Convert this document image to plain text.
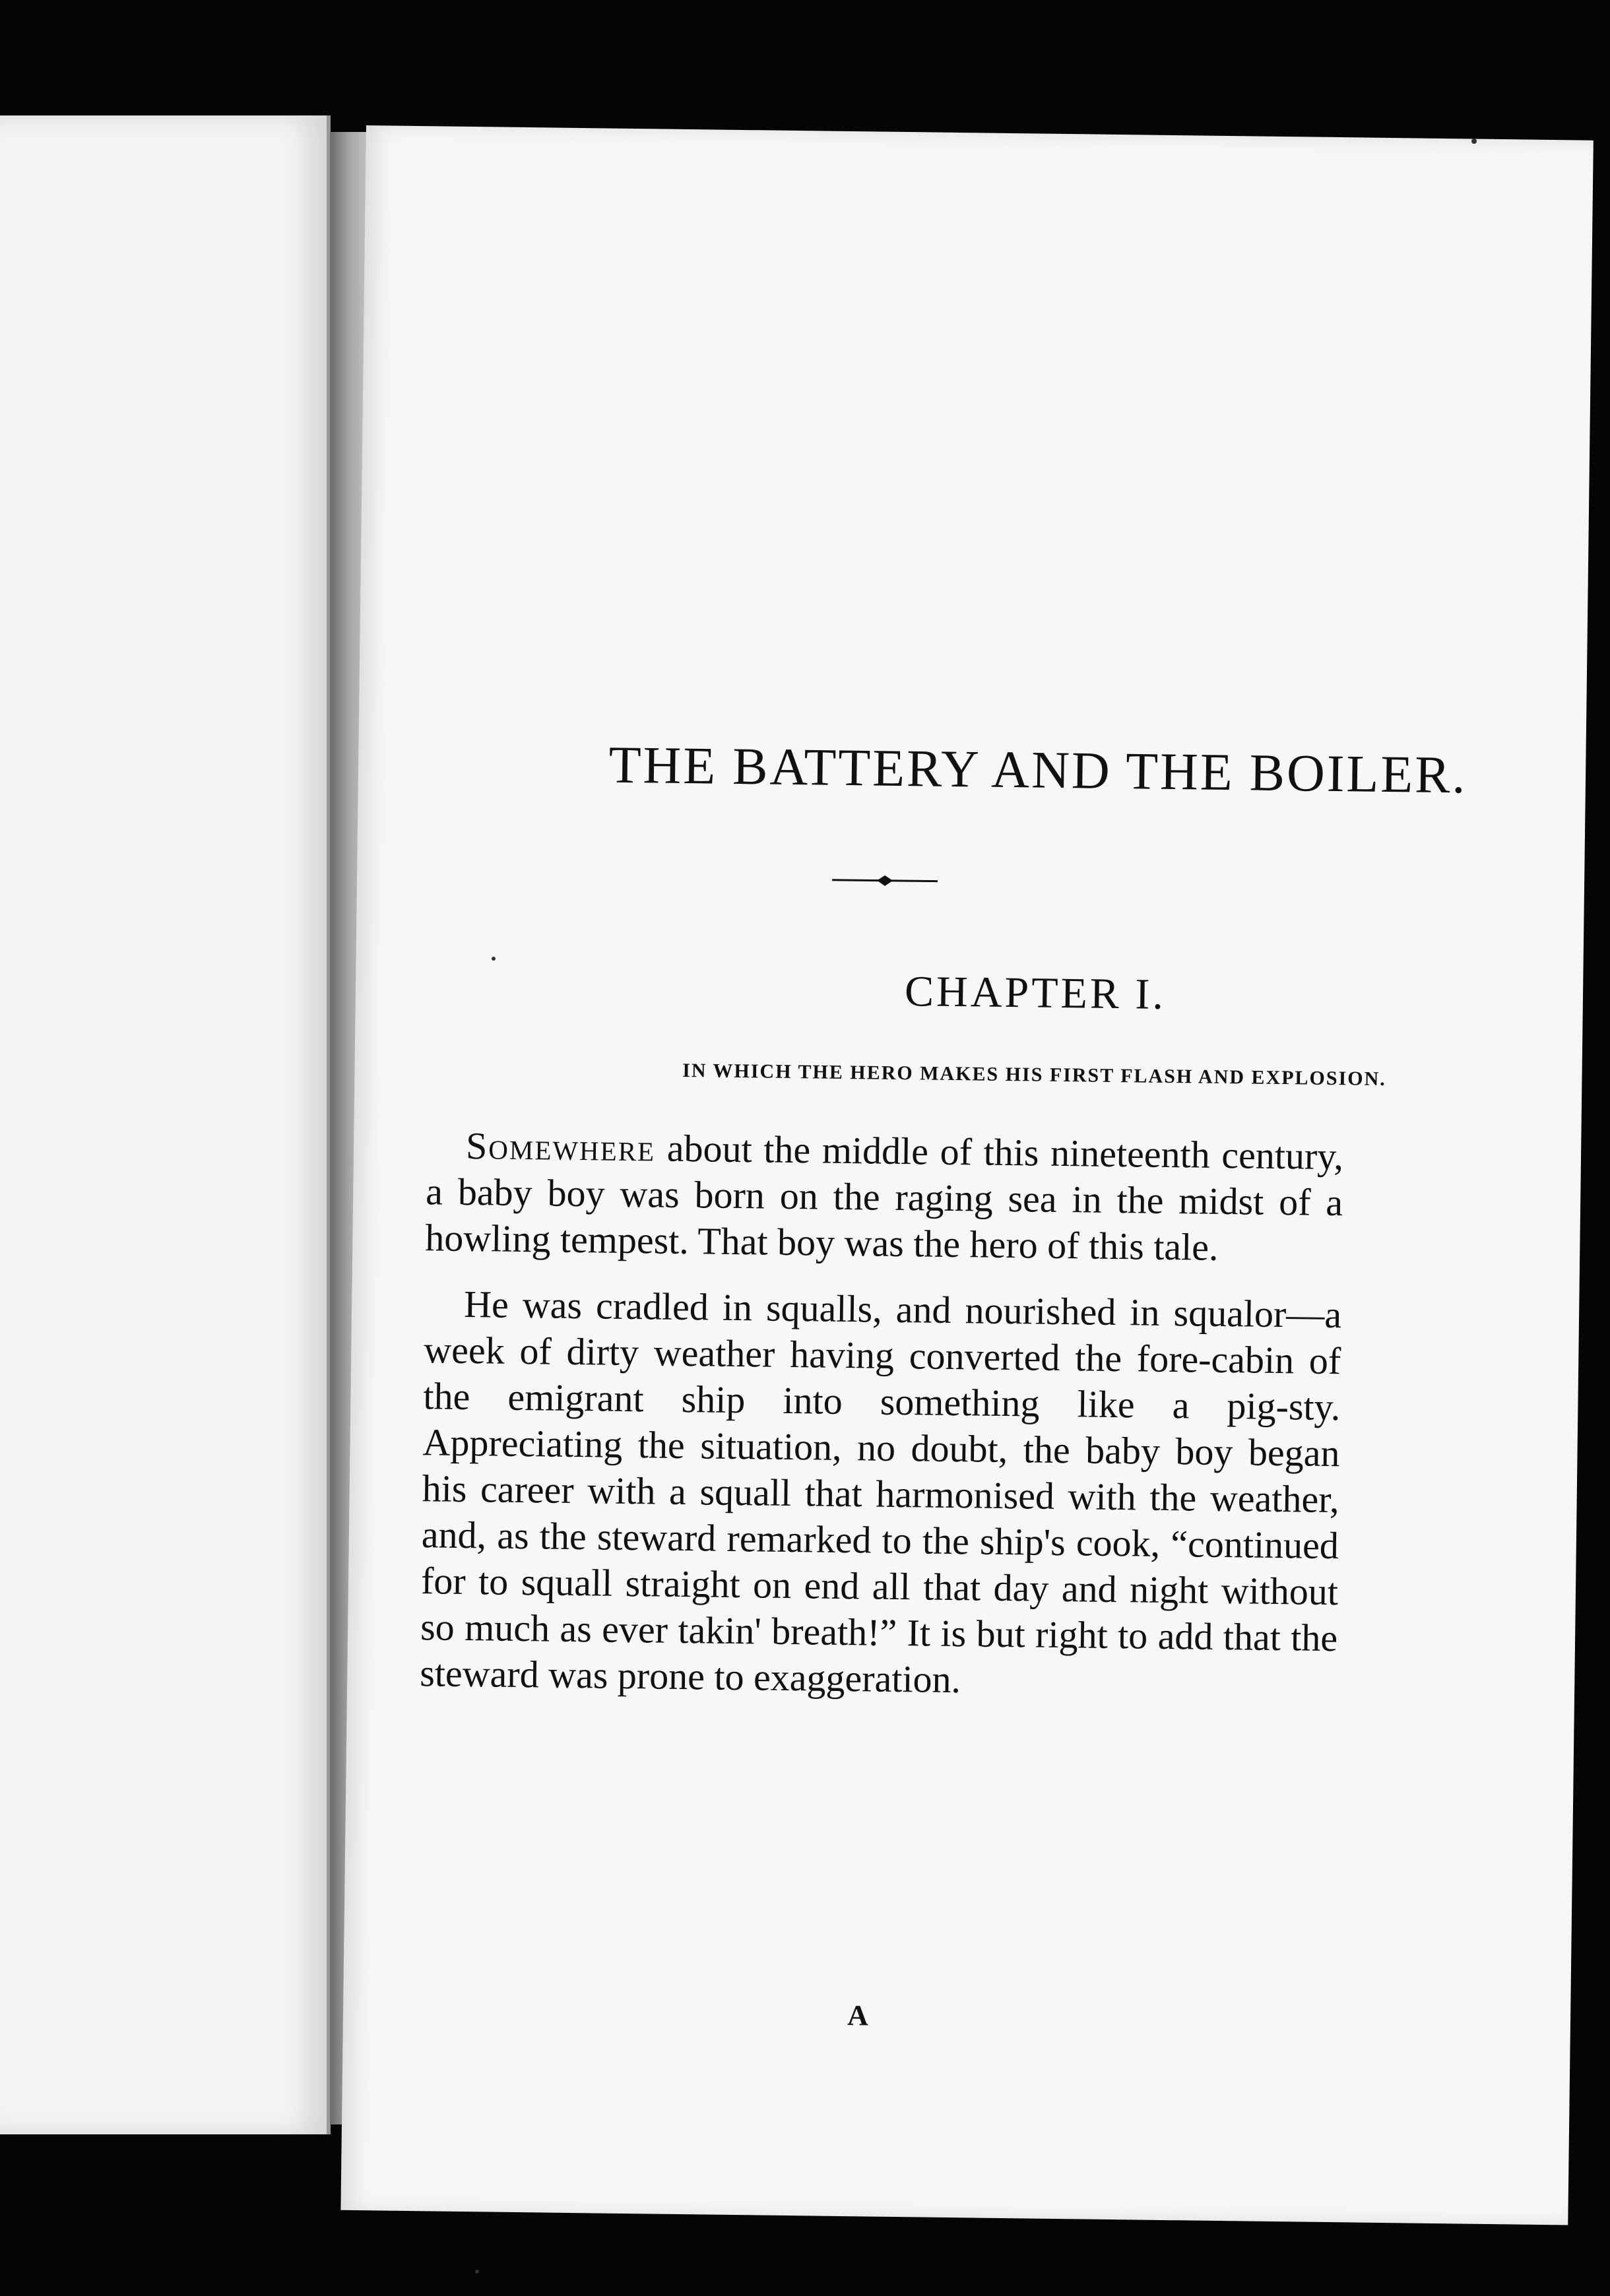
THE BATTERY AND THE BOILER.
CHAPTER I.
IN WHICH THE HERO MAKES HIS FIRST FLASH AND EXPLOSION.

Somewhere about the middle of this nineteenth century, a baby boy was born on the raging sea in the midst of a howling tempest. That boy was the hero of this tale.

He was cradled in squalls, and nourished in squalor—a week of dirty weather having converted the fore-cabin of the emigrant ship into something like a pig-sty. Appreciating the situation, no doubt, the baby boy began his career with a squall that harmonised with the weather, and, as the steward remarked to the ship's cook, “continued for to squall straight on end all that day and night without so much as ever takin' breath!” It is but right to add that the steward was prone to exaggeration.

A
